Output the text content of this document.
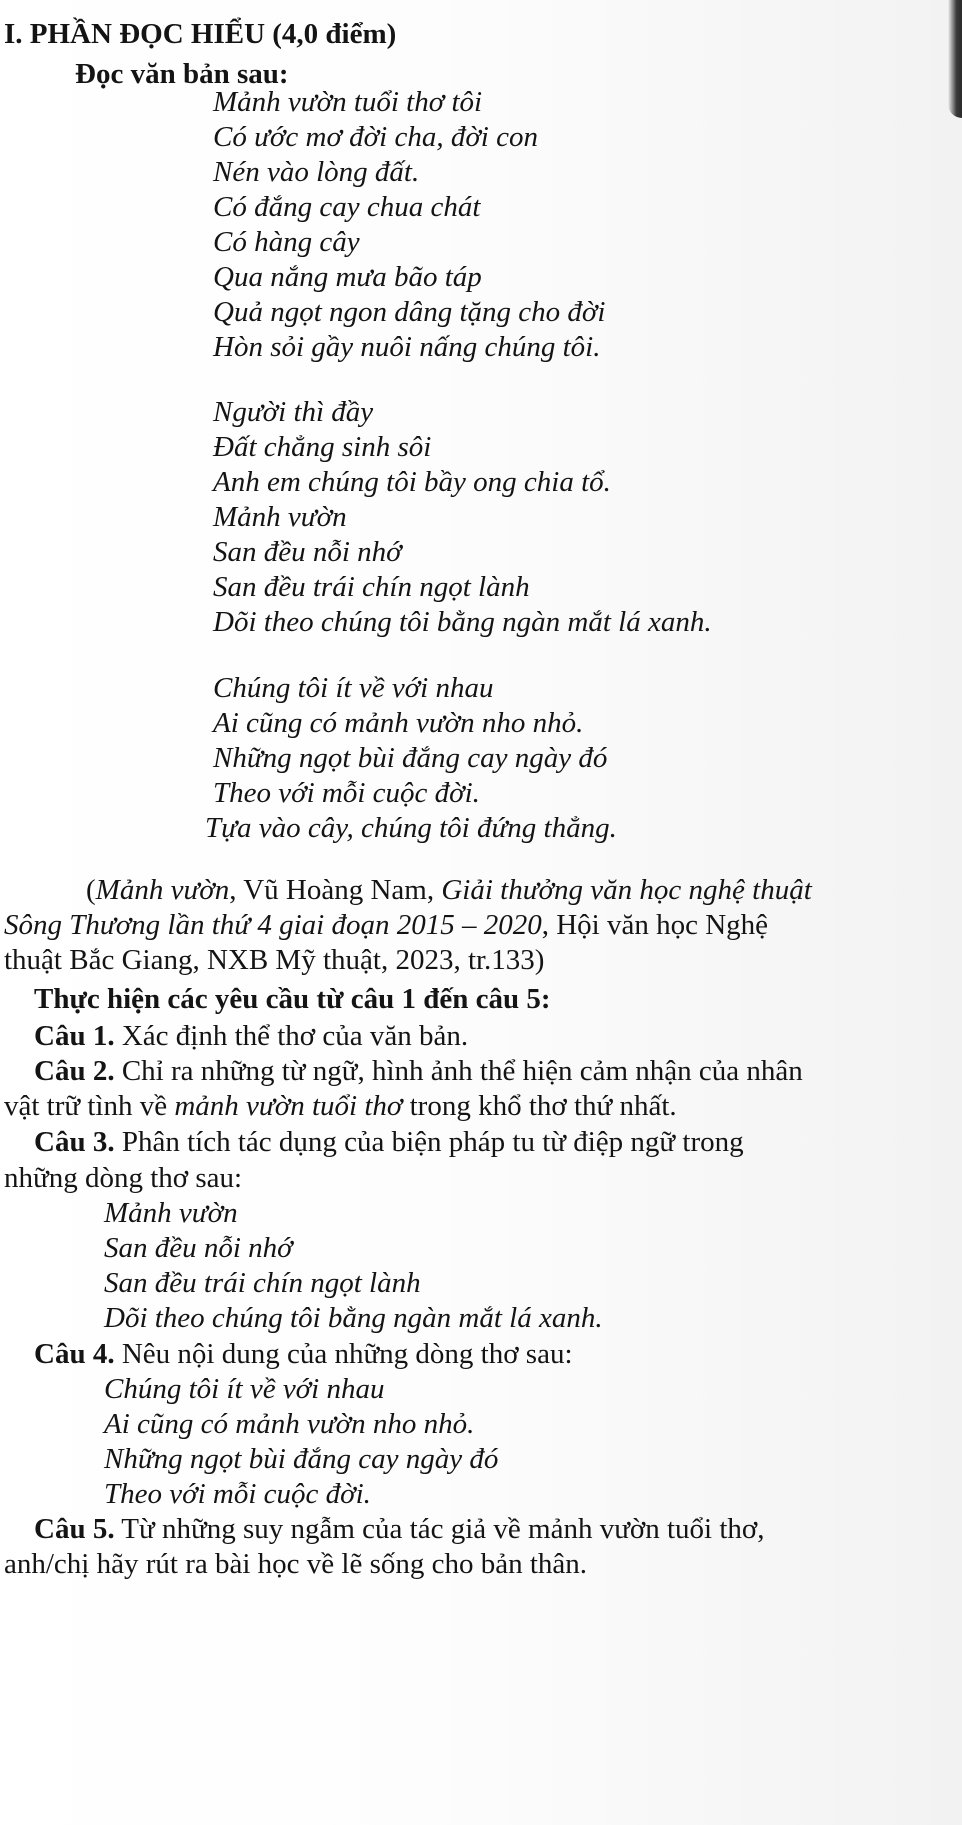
I. PHẦN ĐỌC HIỂU (4,0 điểm)
Đọc văn bản sau:
Mảnh vườn tuổi thơ tôi
Có ước mơ đời cha, đời con
Nén vào lòng đất.
Có đắng cay chua chát
Có hàng cây
Qua nắng mưa bão táp
Quả ngọt ngon dâng tặng cho đời
Hòn sỏi gầy nuôi nấng chúng tôi.
Người thì đầy
Đất chẳng sinh sôi
Anh em chúng tôi bầy ong chia tổ.
Mảnh vườn
San đều nỗi nhớ
San đều trái chín ngọt lành
Dõi theo chúng tôi bằng ngàn mắt lá xanh.
Chúng tôi ít về với nhau
Ai cũng có mảnh vườn nho nhỏ.
Những ngọt bùi đắng cay ngày đó
Theo với mỗi cuộc đời.
Tựa vào cây, chúng tôi đứng thẳng.
(Mảnh vườn, Vũ Hoàng Nam, Giải thưởng văn học nghệ thuật
Sông Thương lần thứ 4 giai đoạn 2015 – 2020, Hội văn học Nghệ
thuật Bắc Giang, NXB Mỹ thuật, 2023, tr.133)
Thực hiện các yêu cầu từ câu 1 đến câu 5:
Câu 1. Xác định thể thơ của văn bản.
Câu 2. Chỉ ra những từ ngữ, hình ảnh thể hiện cảm nhận của nhân
vật trữ tình về mảnh vườn tuổi thơ trong khổ thơ thứ nhất.
Câu 3. Phân tích tác dụng của biện pháp tu từ điệp ngữ trong
những dòng thơ sau:
Mảnh vườn
San đều nỗi nhớ
San đều trái chín ngọt lành
Dõi theo chúng tôi bằng ngàn mắt lá xanh.
Câu 4. Nêu nội dung của những dòng thơ sau:
Chúng tôi ít về với nhau
Ai cũng có mảnh vườn nho nhỏ.
Những ngọt bùi đắng cay ngày đó
Theo với mỗi cuộc đời.
Câu 5. Từ những suy ngẫm của tác giả về mảnh vườn tuổi thơ,
anh/chị hãy rút ra bài học về lẽ sống cho bản thân.
